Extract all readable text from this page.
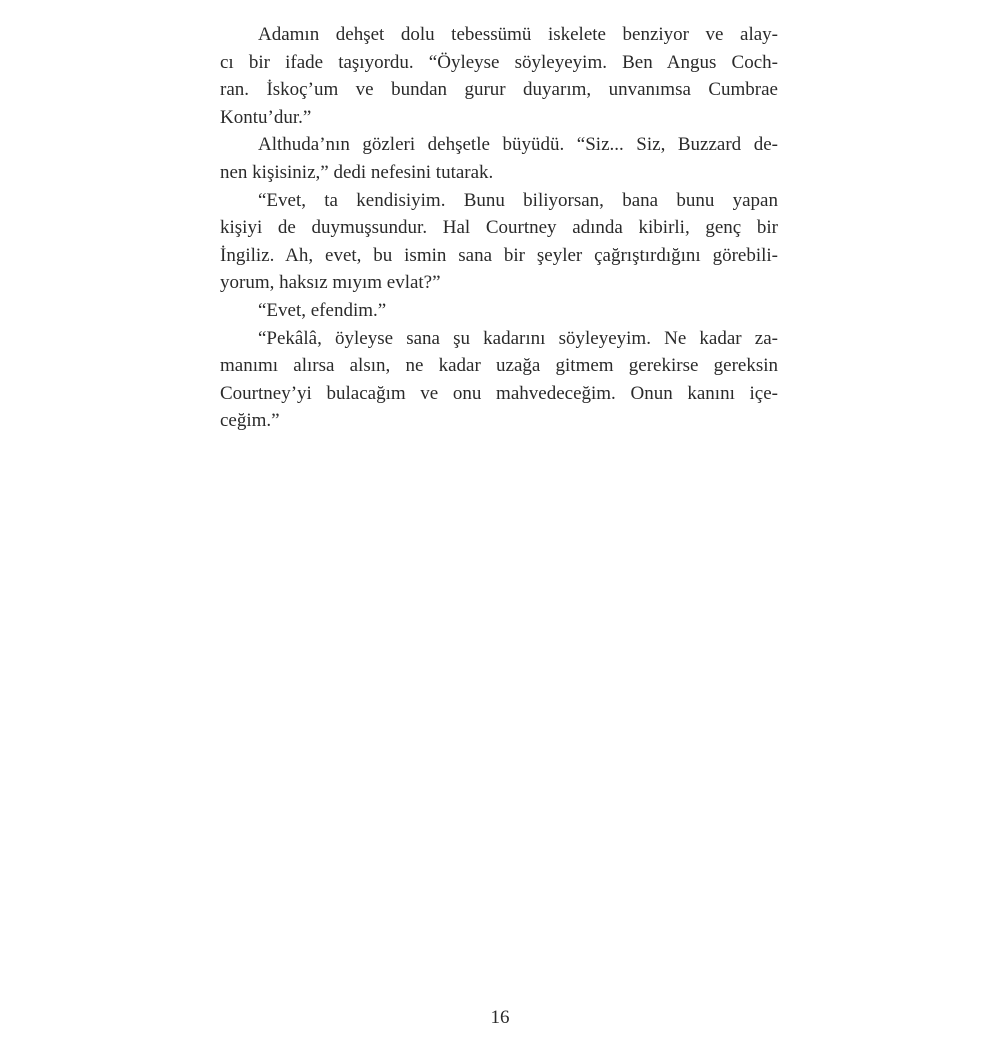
Adamın dehşet dolu tebessümü iskelete benziyor ve alay-
cı bir ifade taşıyordu. “Öyleyse söyleyeyim. Ben Angus Coch-
ran. İskoç’um ve bundan gurur duyarım, unvanımsa Cumbrae
Kontu’dur.”
Althuda’nın gözleri dehşetle büyüdü. “Siz... Siz, Buzzard de-
nen kişisiniz,” dedi nefesini tutarak.
“Evet, ta kendisiyim. Bunu biliyorsan, bana bunu yapan
kişiyi de duymuşsundur. Hal Courtney adında kibirli, genç bir
İngiliz. Ah, evet, bu ismin sana bir şeyler çağrıştırdığını görebili-
yorum, haksız mıyım evlat?”
“Evet, efendim.”
“Pekâlâ, öyleyse sana şu kadarını söyleyeyim. Ne kadar za-
manımı alırsa alsın, ne kadar uzağa gitmem gerekirse gereksin
Courtney’yi bulacağım ve onu mahvedeceğim. Onun kanını içe-
ceğim.”
16
